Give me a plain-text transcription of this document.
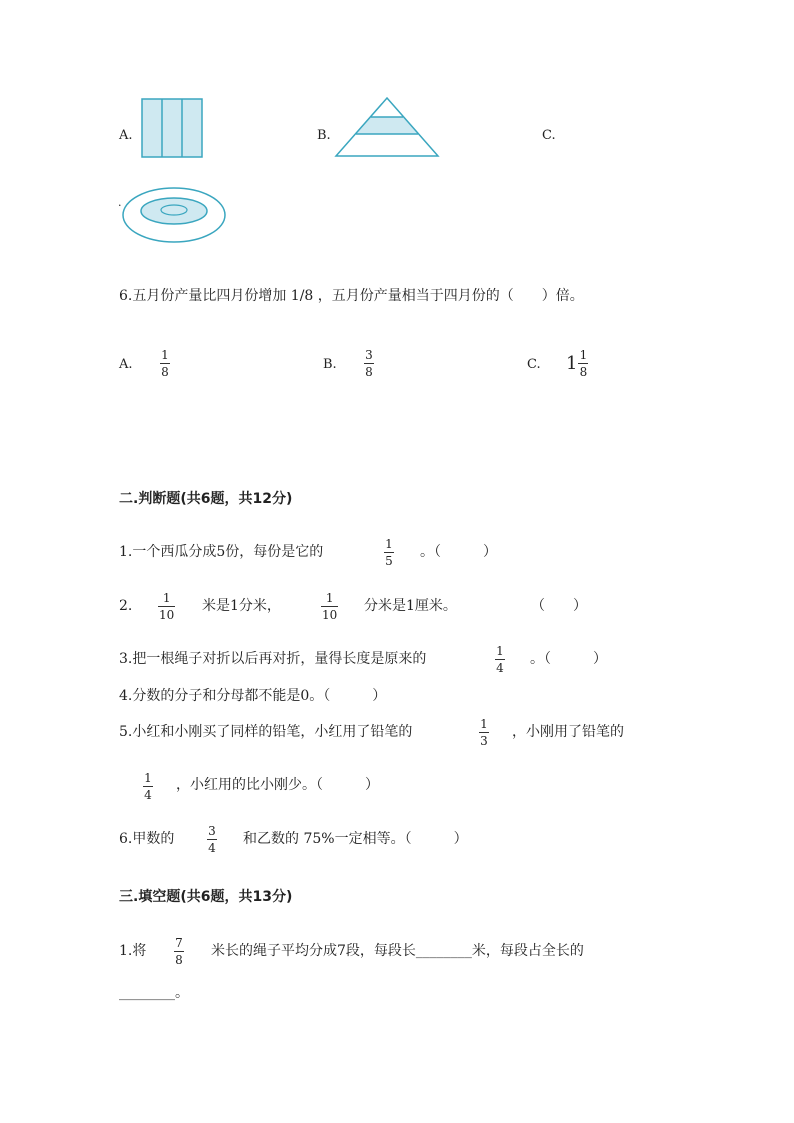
A.	B.	C.
.
6.五月份产量比四月份增加 1/8 ，五月份产量相当于四月份的（　　）倍。
A.
1
8	B.
3
8	C. $1 \frac{1}{8}$
二.判断题(共6题，共12分)
1.一个西瓜分成5份，每份是它的	1
5
。（　　　）
2.	1
10
米是1分米，	1
10
分米是1厘米。	（　　）
3.把一根绳子对折以后再对折，量得长度是原来的	1
4
。（　　　）
4.分数的分子和分母都不能是0。（　　　）
5.小红和小刚买了同样的铅笔，小红用了铅笔的	1
3
，小刚用了铅笔的
1
4
，小红用的比小刚少。（　　　）
6.甲数的	3
4
和乙数的 75%一定相等。（　　　）
三.填空题(共6题，共13分)
1.将 7
8
米长的绳子平均分成7段，每段长________米，每段占全长的
________。
